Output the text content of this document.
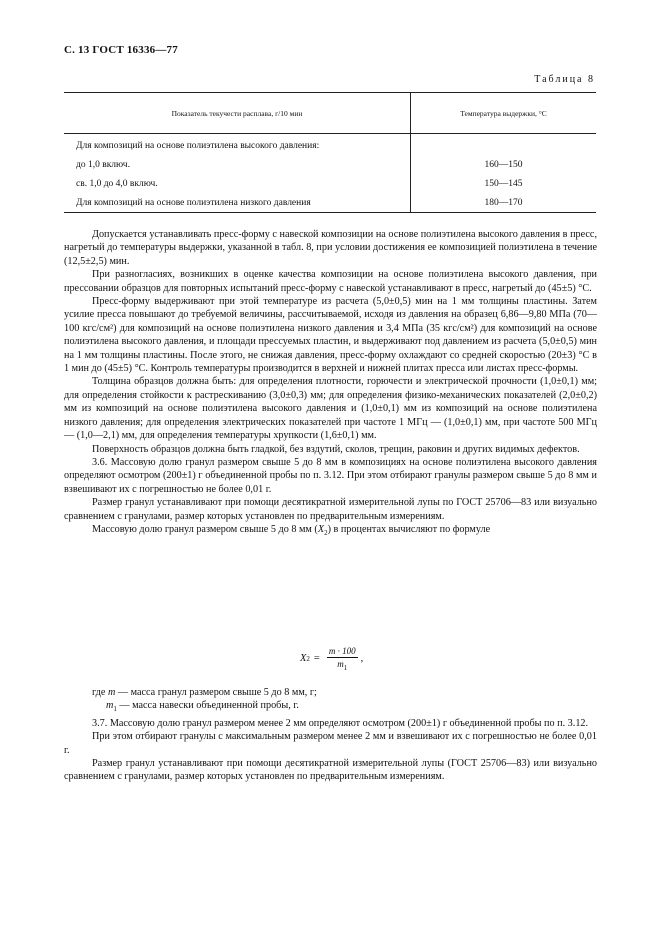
С. 13 ГОСТ 16336—77
Таблица 8
Показатель текучести расплава, г/10 мин	Температура выдержки, °С
Для композиций на основе полиэтилена высокого давления:	
до 1,0 включ.	160—150
св. 1,0 до 4,0 включ.	150—145
Для композиций на основе полиэтилена низкого давления	180—170

Допускается устанавливать пресс-форму с навеской композиции на основе полиэтилена высокого давления в пресс, нагретый до температуры выдержки, указанной в табл. 8, при условии достижения ее композицией полиэтилена в течение (12,5±2,5) мин.

При разногласиях, возникших в оценке качества композиции на основе полиэтилена высокого давления, при прессовании образцов для повторных испытаний пресс-форму с навеской устанавливают в пресс, нагретый до (45±5) °С.

Пресс-форму выдерживают при этой температуре из расчета (5,0±0,5) мин на 1 мм толщины пластины. Затем усилие пресса повышают до требуемой величины, рассчитываемой, исходя из давления на образец 6,86—9,80 МПа (70—100 кгс/см²) для композиций на основе полиэтилена низкого давления и 3,4 МПа (35 кгс/см²) для композиций на основе полиэтилена высокого давления, и площади прессуемых пластин, и выдерживают под давлением из расчета (5,0±0,5) мин на 1 мм толщины пластины. После этого, не снижая давления, пресс-форму охлаждают со средней скоростью (20±3) °С в 1 мин до (45±5) °С. Контроль температуры производится в верхней и нижней плитах пресса или листах пресс-формы.

Толщина образцов должна быть: для определения плотности, горючести и электрической прочности (1,0±0,1) мм; для определения стойкости к растрескиванию (3,0±0,3) мм; для определения физико-механических показателей (2,0±0,2) мм из композиций на основе полиэтилена высокого давления и (1,0±0,1) мм из композиций на основе полиэтилена низкого давления; для определения электрических показателей при частоте 1 МГц — (1,0±0,1) мм, при частоте 500 МГц — (1,0—2,1) мм, для определения температуры хрупкости (1,6±0,1) мм.

Поверхность образцов должна быть гладкой, без вздутий, сколов, трещин, раковин и других видимых дефектов.

3.6. Массовую долю гранул размером свыше 5 до 8 мм в композициях на основе полиэтилена высокого давления определяют осмотром (200±1) г объединенной пробы по п. 3.12. При этом отбирают гранулы размером свыше 5 до 8 мм и взвешивают их с погрешностью не более 0,01 г.

Размер гранул устанавливают при помощи десятикратной измерительной лупы по ГОСТ 25706—83 или визуально сравнением с гранулами, размер которых установлен по предварительным измерениям.

Массовую долю гранул размером свыше 5 до 8 мм $(X_2)$ в процентах вычисляют по формуле

X $2 = \frac{m \cdot 100}{m_1}$ ,

где m — масса гранул размером свыше 5 до 8 мм, г;

$m_1$ — масса навески объединенной пробы, г.

3.7. Массовую долю гранул размером менее 2 мм определяют осмотром (200±1) г объединенной пробы по п. 3.12.

При этом отбирают гранулы с максимальным размером менее 2 мм и взвешивают их с погрешностью не более 0,01 г.

Размер гранул устанавливают при помощи десятикратной измерительной лупы (ГОСТ 25706—83) или визуально сравнением с гранулами, размер которых установлен по предварительным измерениям.
